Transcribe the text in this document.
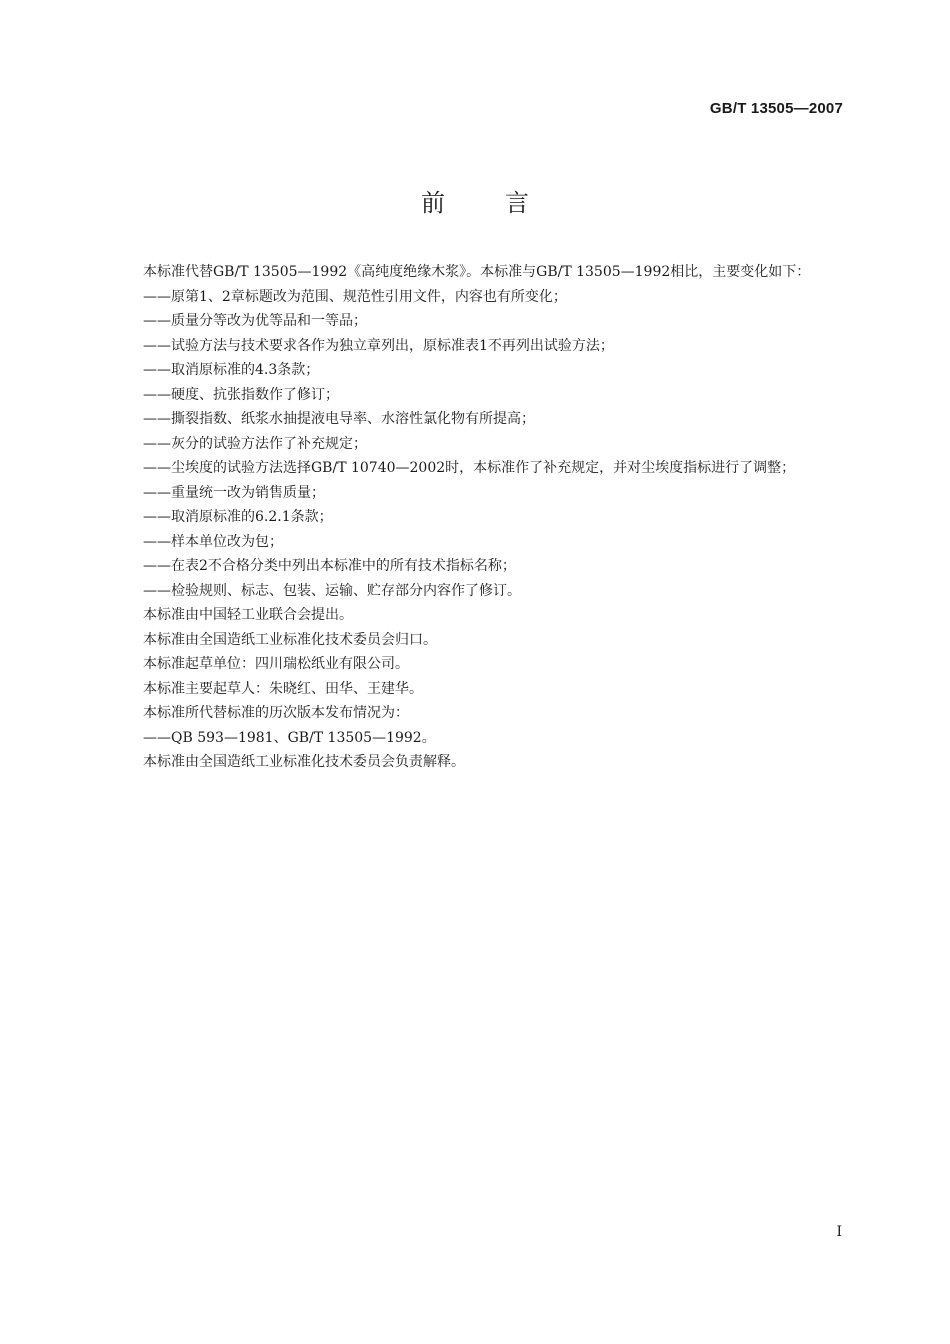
GB/T 13505—2007
前言

本标准代替GB/T 13505—1992《高纯度绝缘木浆》。本标准与GB/T 13505—1992相比，主要变化如下：

——原第1、2章标题改为范围、规范性引用文件，内容也有所变化；

——质量分等改为优等品和一等品；

——试验方法与技术要求各作为独立章列出，原标准表1不再列出试验方法；

——取消原标准的4.3条款；

——硬度、抗张指数作了修订；

——撕裂指数、纸浆水抽提液电导率、水溶性氯化物有所提高；

——灰分的试验方法作了补充规定；

——尘埃度的试验方法选择GB/T 10740—2002时，本标准作了补充规定，并对尘埃度指标进行了调整；

——重量统一改为销售质量；

——取消原标准的6.2.1条款；

——样本单位改为包；

——在表2不合格分类中列出本标准中的所有技术指标名称；

——检验规则、标志、包装、运输、贮存部分内容作了修订。

本标准由中国轻工业联合会提出。

本标准由全国造纸工业标准化技术委员会归口。

本标准起草单位：四川瑞松纸业有限公司。

本标准主要起草人：朱晓红、田华、王建华。

本标准所代替标准的历次版本发布情况为：

——QB 593—1981、GB/T 13505—1992。

本标准由全国造纸工业标准化技术委员会负责解释。

I
